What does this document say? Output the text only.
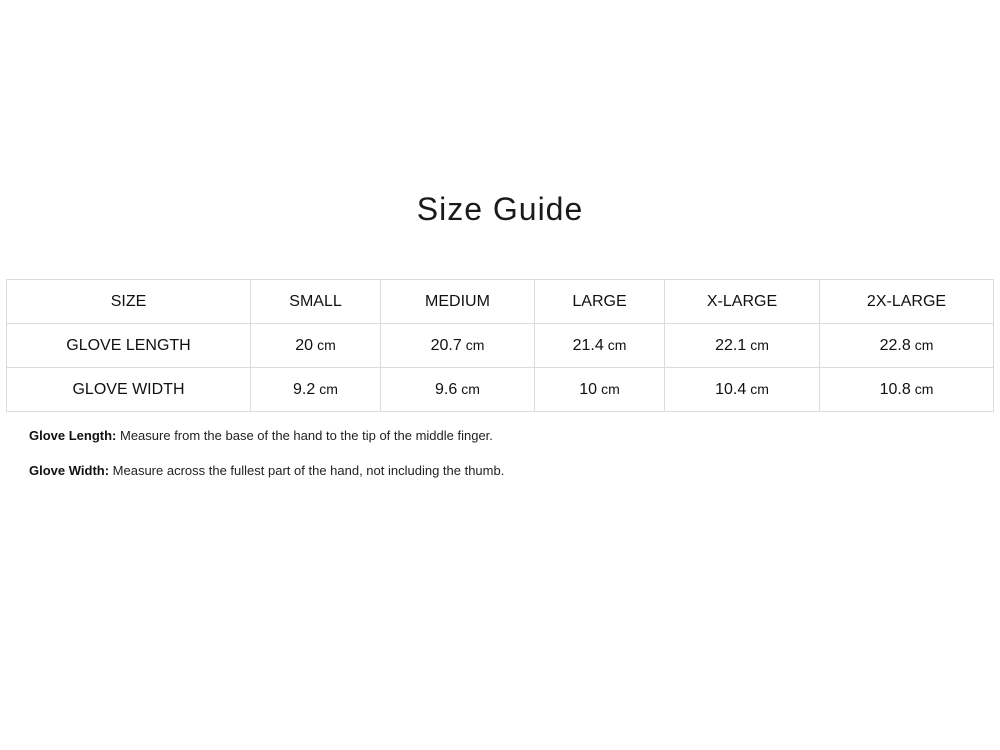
Size Guide
SIZE	SMALL	MEDIUM	LARGE	X-LARGE	2X-LARGE
GLOVE LENGTH	20 cm	20.7 cm	21.4 cm	22.1 cm	22.8 cm
GLOVE WIDTH	9.2 cm	9.6 cm	10 cm	10.4 cm	10.8 cm

Glove Length: Measure from the base of the hand to the tip of the middle finger.

Glove Width: Measure across the fullest part of the hand, not including the thumb.
